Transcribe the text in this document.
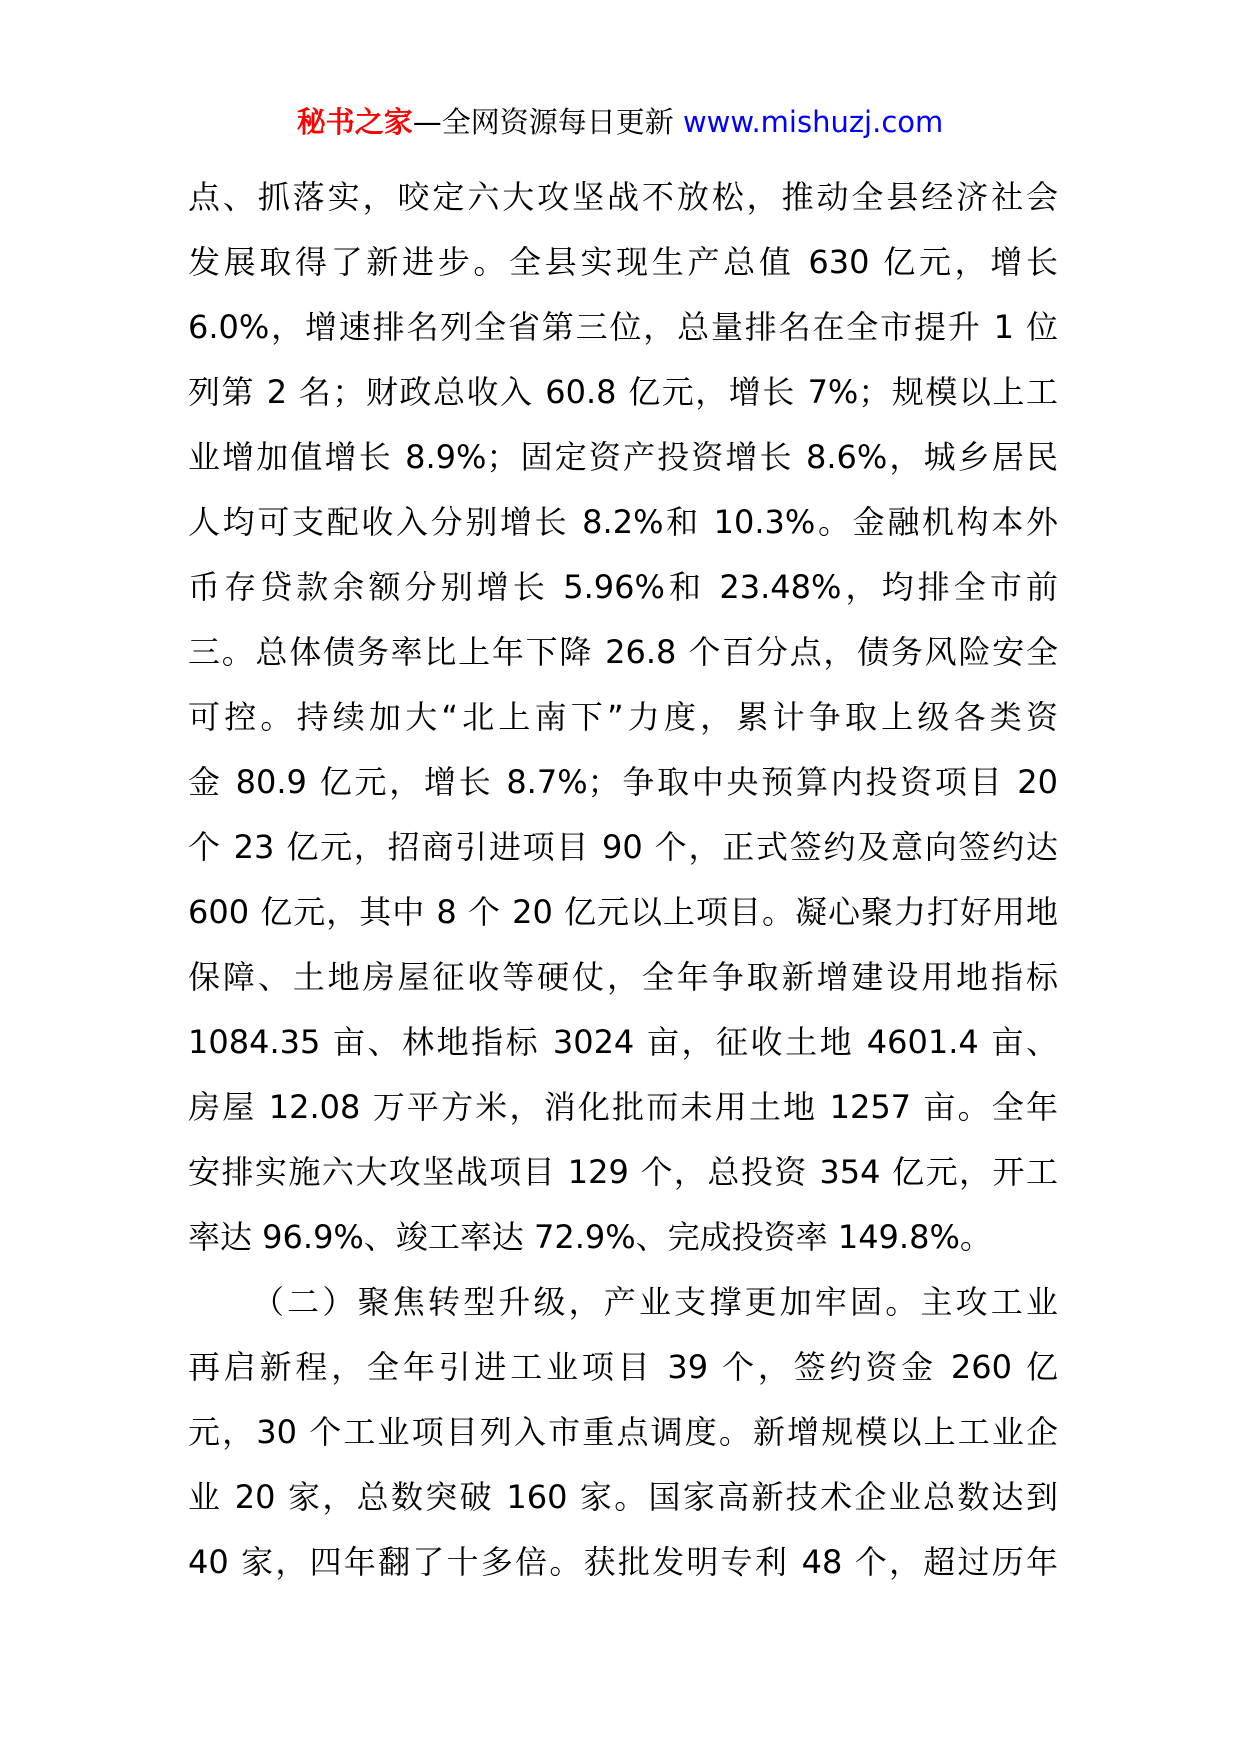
秘书之家—全网资源每日更新 www.mishuzj.com
点、抓落实，咬定六大攻坚战不放松，推动全县经济社会
发展取得了新进步。全县实现生产总值 630 亿元，增长
6.0%，增速排名列全省第三位，总量排名在全市提升 1 位
列第 2 名；财政总收入 60.8 亿元，增长 7%；规模以上工
业增加值增长 8.9%；固定资产投资增长 8.6%，城乡居民
人均可支配收入分别增长 8.2%和 10.3%。金融机构本外
币存贷款余额分别增长 5.96%和 23.48%，均排全市前
三。总体债务率比上年下降 26.8 个百分点，债务风险安全
可控。持续加大“北上南下”力度，累计争取上级各类资
金 80.9 亿元，增长 8.7%；争取中央预算内投资项目 20
个 23 亿元，招商引进项目 90 个，正式签约及意向签约达
600 亿元，其中 8 个 20 亿元以上项目。凝心聚力打好用地
保障、土地房屋征收等硬仗，全年争取新增建设用地指标
1084.35 亩、林地指标 3024 亩，征收土地 4601.4 亩、
房屋 12.08 万平方米，消化批而未用土地 1257 亩。全年
安排实施六大攻坚战项目 129 个，总投资 354 亿元，开工
率达 96.9%、竣工率达 72.9%、完成投资率 149.8%。
（二）聚焦转型升级，产业支撑更加牢固。主攻工业
再启新程，全年引进工业项目 39 个，签约资金 260 亿
元，30 个工业项目列入市重点调度。新增规模以上工业企
业 20 家，总数突破 160 家。国家高新技术企业总数达到
40 家，四年翻了十多倍。获批发明专利 48 个，超过历年
